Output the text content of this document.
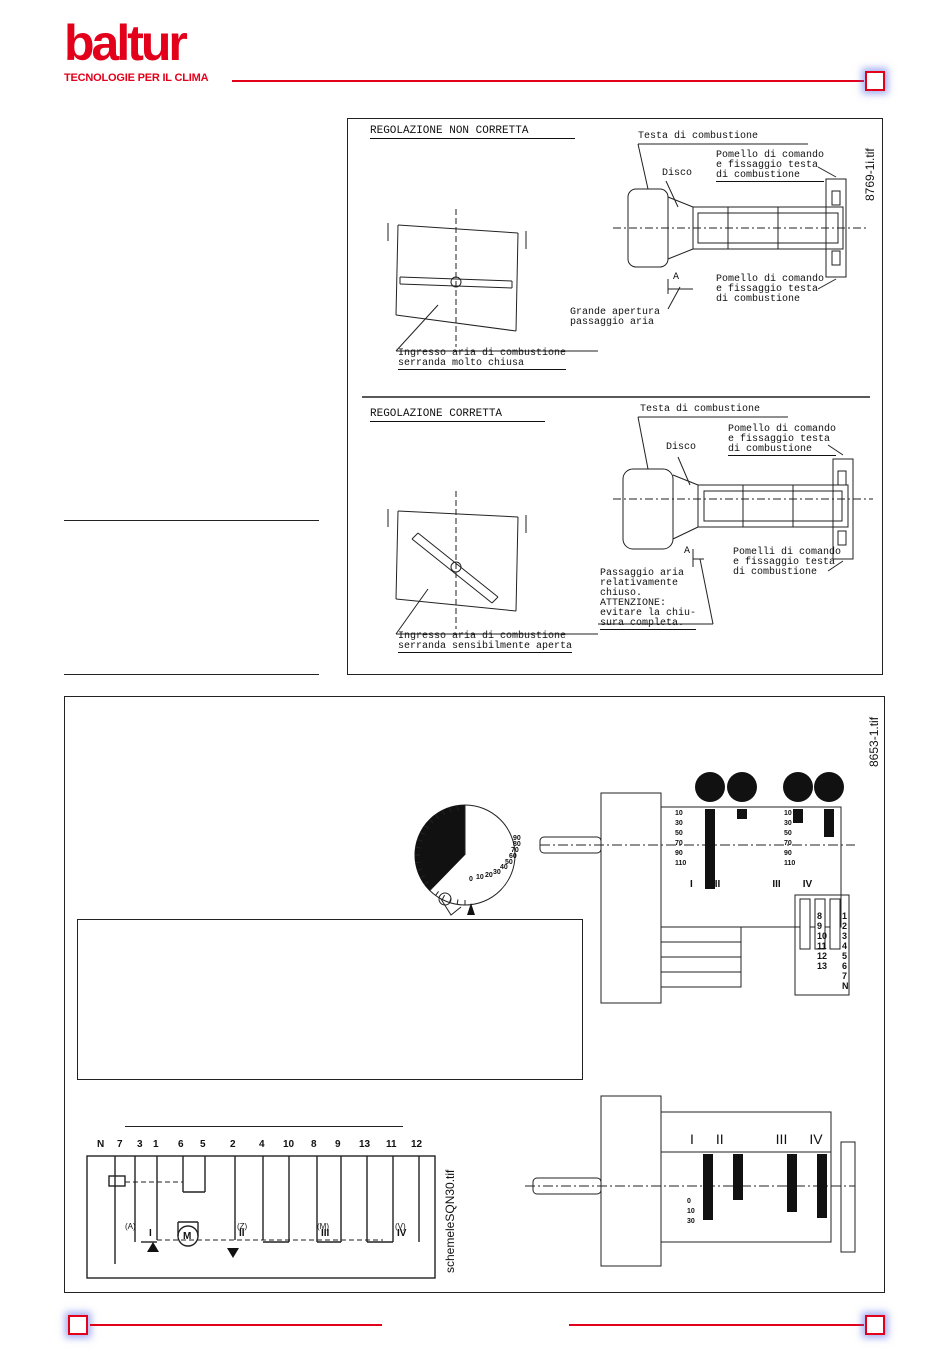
baltur
TECNOLOGIE PER IL CLIMA
8769-1i.tif
REGOLAZIONE NON CORRETTA	Testa di combustione
Disco
Pomello di comando
e fissaggio testa
di combustione
Pomello di comando
e fissaggio testa
di combustione
A
Grande apertura
passaggio aria
Ingresso aria di combustione
serranda molto chiusa
REGOLAZIONE CORRETTA	Testa di combustione
Disco
Pomello di comando
e fissaggio testa
di combustione
Pomelli di comando
e fissaggio testa
di combustione
A
Passaggio aria
relativamente
chiuso.
ATTENZIONE:
evitare la chiu-
sura completa.
Ingresso aria di combustione
serranda sensibilmente aperta
8653-1.tif
0 10 20 30
40
50
60
70
80
90
10
30
50
70
90
110
10
30
50
70
90
110
I II	III IV
1
2
3
4
5
6
7
N
8
9
10
11
12
13
I II	III IV
0
10
30
N 7 3 1 6 5 2 4 10 8 9 13 11 12
(A)	(Z)	(M)	(V)
I	II	III	IV
M	schemeleSQN30.tif
